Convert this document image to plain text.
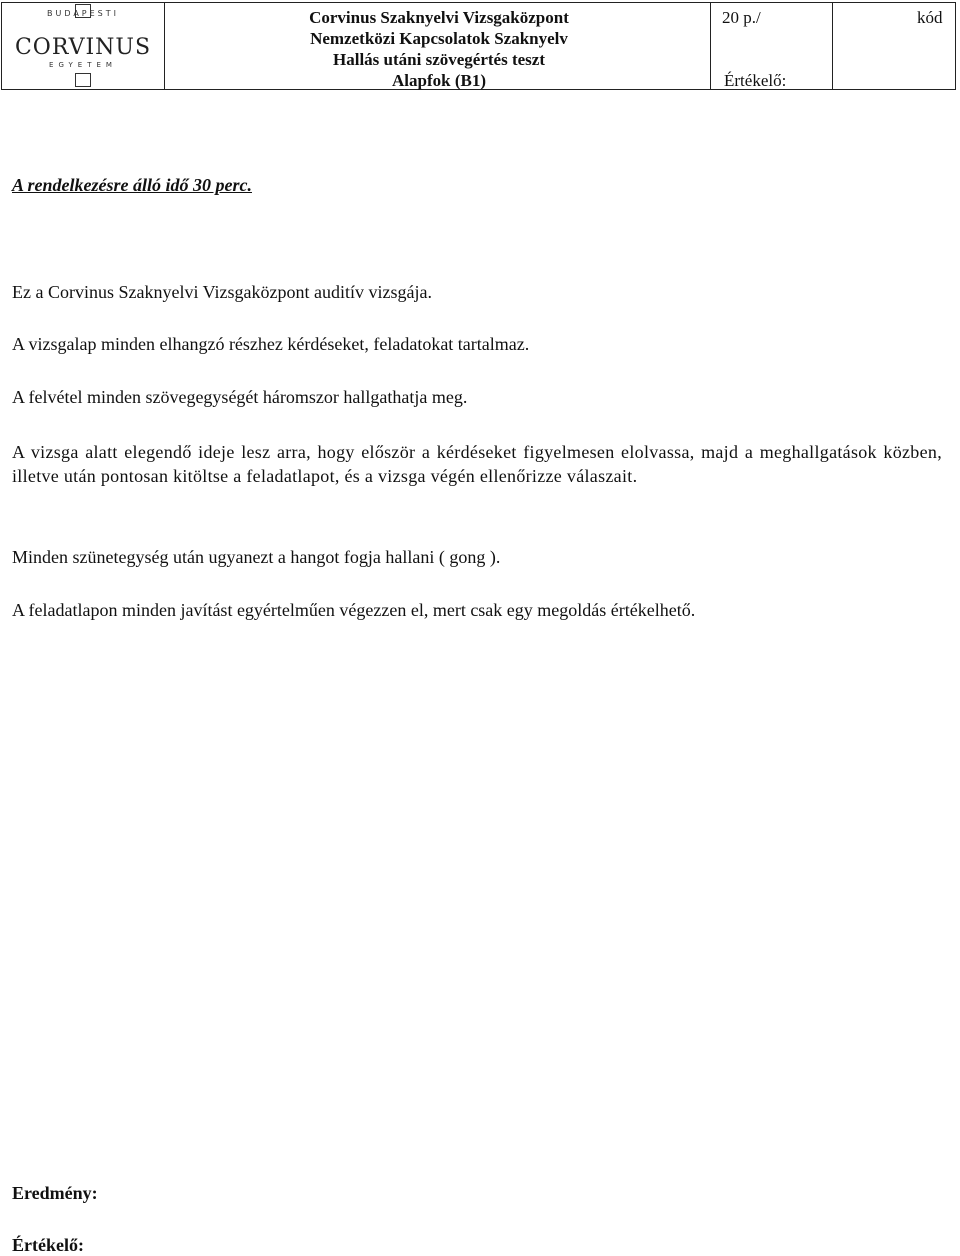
BUDAPESTI
CORVINUS
EGYETEM
Corvinus Szaknyelvi Vizsgaközpont
Nemzetközi Kapcsolatok Szaknyelv
Hallás utáni szövegértés teszt
Alapfok (B1)
20 p./	kód
Értékelő:
A rendelkezésre álló idő 30 perc.
Ez a Corvinus Szaknyelvi Vizsgaközpont auditív vizsgája.
A vizsgalap minden elhangzó részhez kérdéseket, feladatokat tartalmaz.
A felvétel minden szövegegységét háromszor hallgathatja meg.
A vizsga alatt elegendő ideje lesz arra, hogy először a kérdéseket figyelmesen elolvassa, majd a meghallgatások közben, illetve után pontosan kitöltse a feladatlapot, és a vizsga végén ellenőrizze válaszait.
Minden szünetegység után ugyanezt a hangot fogja hallani ( gong ).
A feladatlapon minden javítást egyértelműen végezzen el, mert csak egy megoldás értékelhető.
Eredmény:
Értékelő:
